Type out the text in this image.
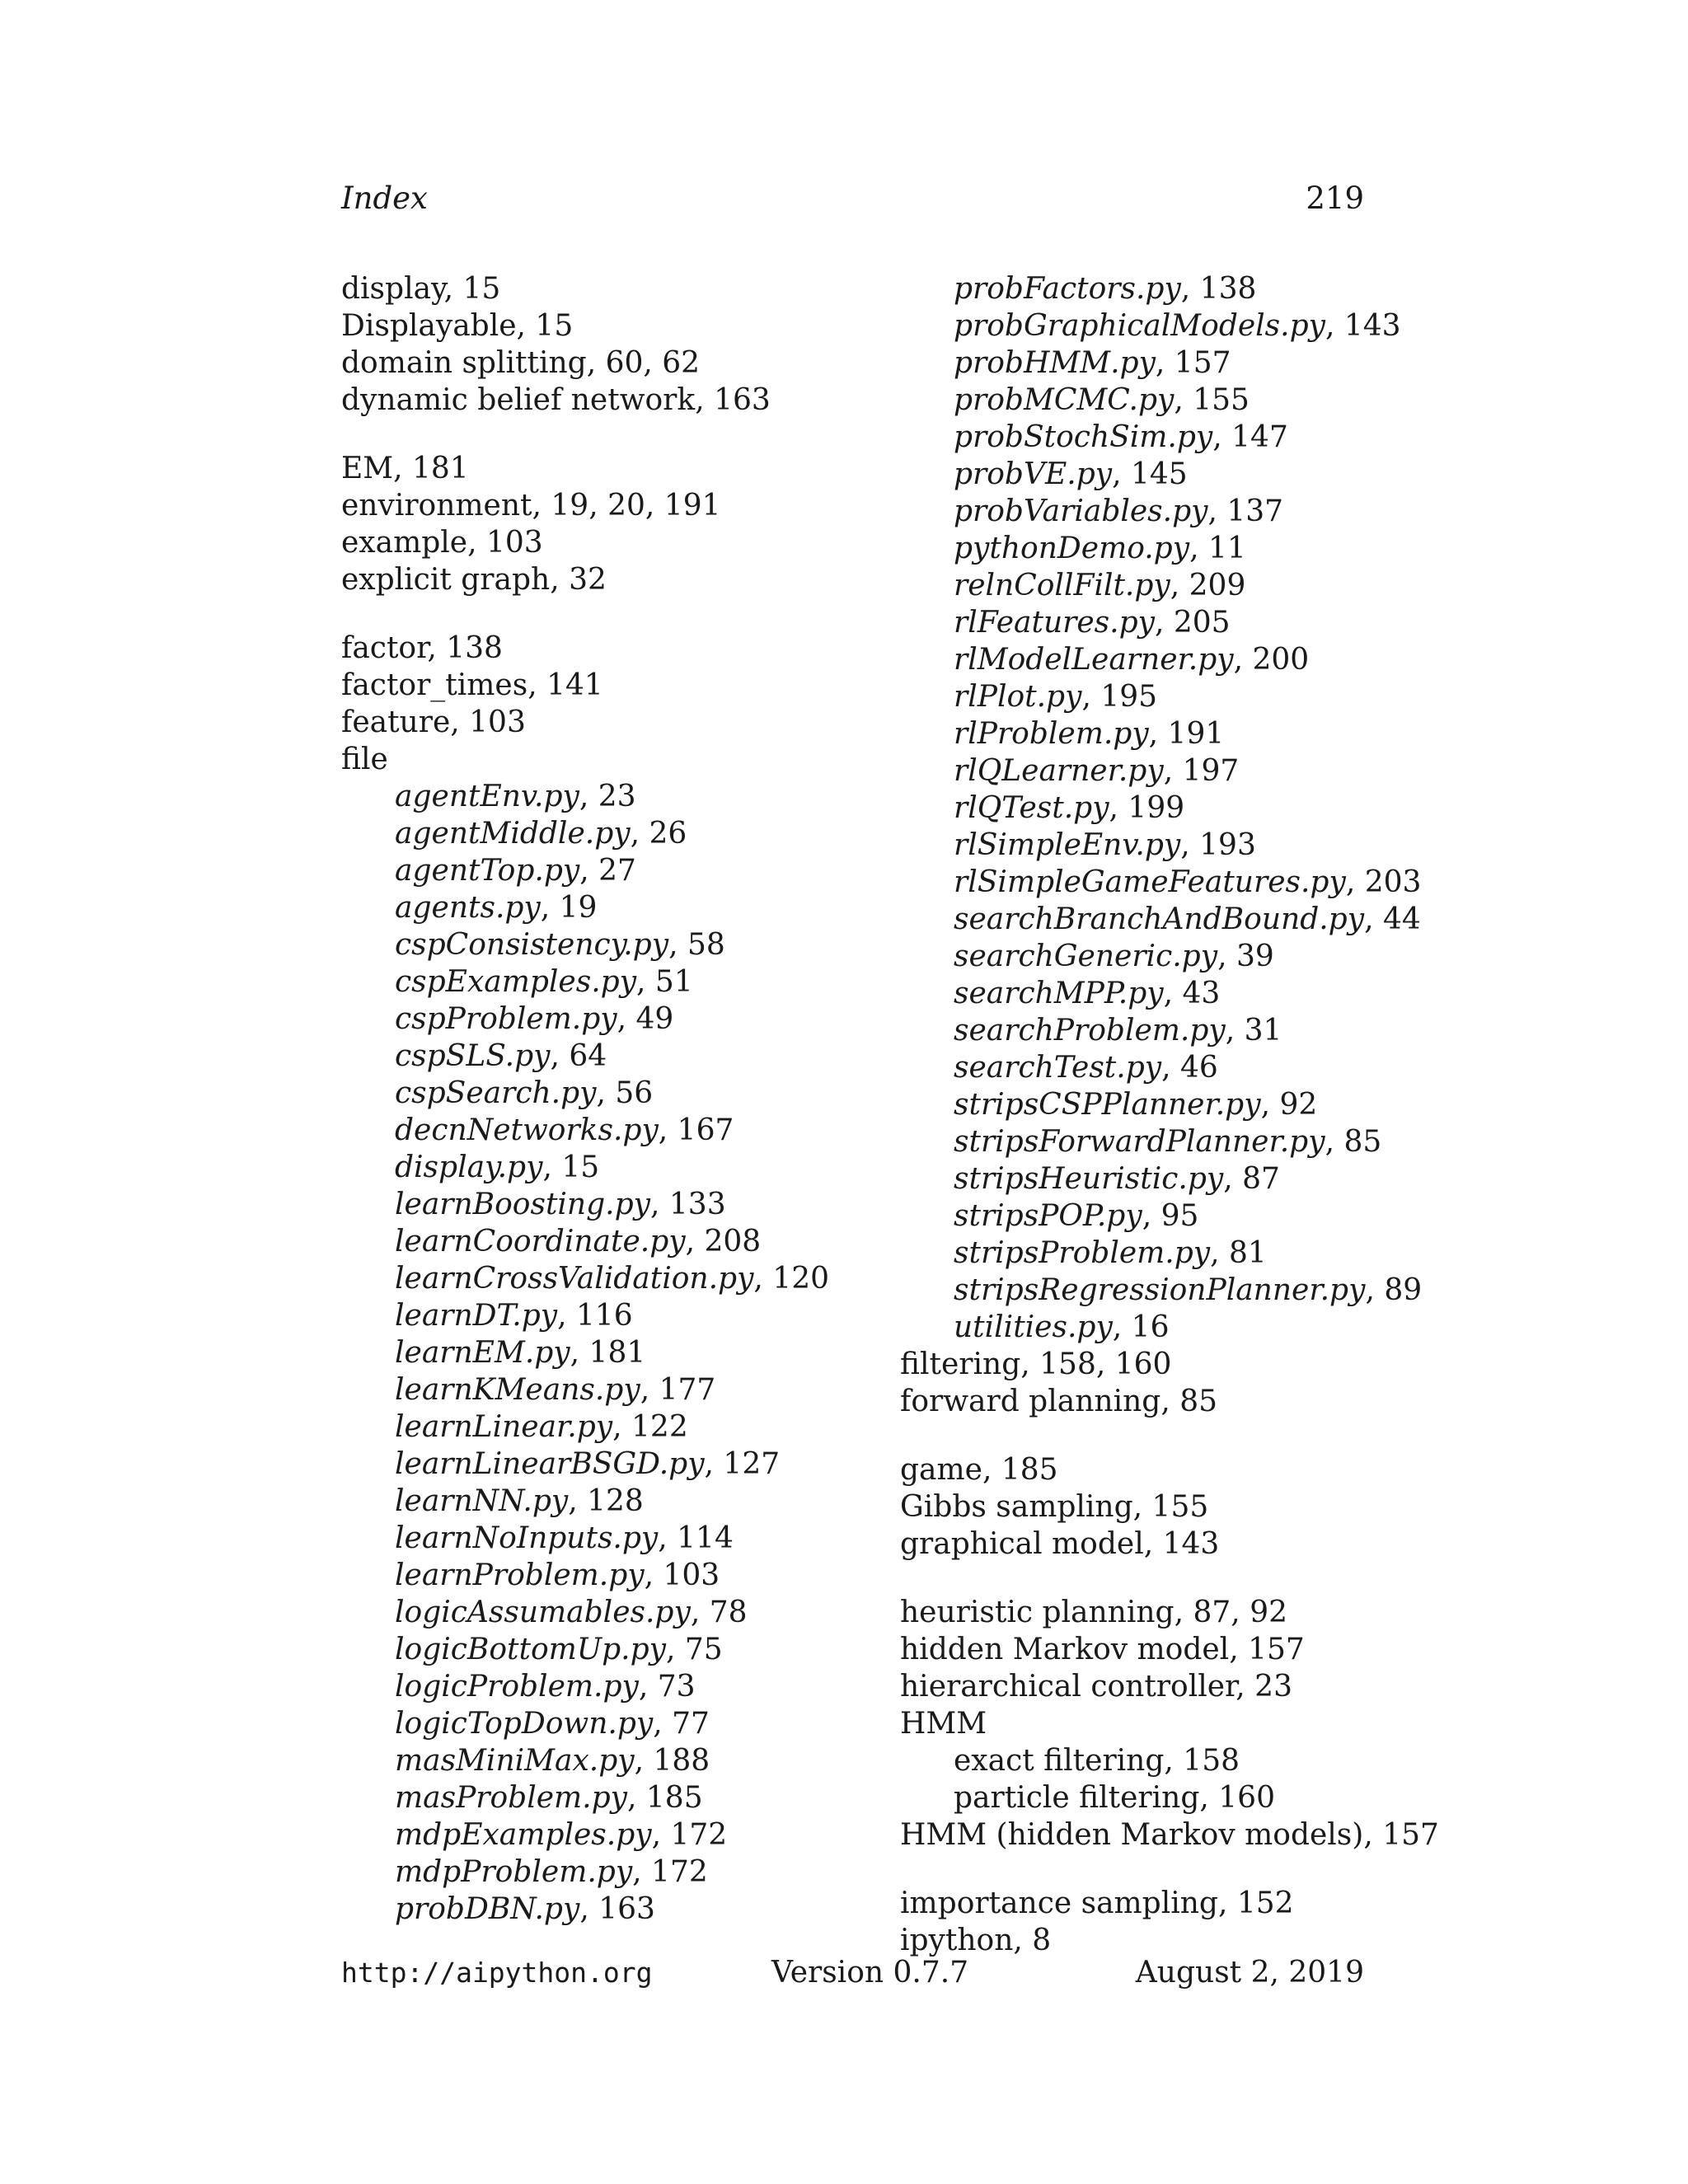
Index	219
display, 15
Displayable, 15
domain splitting, 60, 62
dynamic belief network, 163
EM, 181
environment, 19, 20, 191
example, 103
explicit graph, 32
factor, 138
factor_times, 141
feature, 103
file
agentEnv.py, 23
agentMiddle.py, 26
agentTop.py, 27
agents.py, 19
cspConsistency.py, 58
cspExamples.py, 51
cspProblem.py, 49
cspSLS.py, 64
cspSearch.py, 56
decnNetworks.py, 167
display.py, 15
learnBoosting.py, 133
learnCoordinate.py, 208
learnCrossValidation.py, 120
learnDT.py, 116
learnEM.py, 181
learnKMeans.py, 177
learnLinear.py, 122
learnLinearBSGD.py, 127
learnNN.py, 128
learnNoInputs.py, 114
learnProblem.py, 103
logicAssumables.py, 78
logicBottomUp.py, 75
logicProblem.py, 73
logicTopDown.py, 77
masMiniMax.py, 188
masProblem.py, 185
mdpExamples.py, 172
mdpProblem.py, 172
probDBN.py, 163
probFactors.py, 138
probGraphicalModels.py, 143
probHMM.py, 157
probMCMC.py, 155
probStochSim.py, 147
probVE.py, 145
probVariables.py, 137
pythonDemo.py, 11
relnCollFilt.py, 209
rlFeatures.py, 205
rlModelLearner.py, 200
rlPlot.py, 195
rlProblem.py, 191
rlQLearner.py, 197
rlQTest.py, 199
rlSimpleEnv.py, 193
rlSimpleGameFeatures.py, 203
searchBranchAndBound.py, 44
searchGeneric.py, 39
searchMPP.py, 43
searchProblem.py, 31
searchTest.py, 46
stripsCSPPlanner.py, 92
stripsForwardPlanner.py, 85
stripsHeuristic.py, 87
stripsPOP.py, 95
stripsProblem.py, 81
stripsRegressionPlanner.py, 89
utilities.py, 16
filtering, 158, 160
forward planning, 85
game, 185
Gibbs sampling, 155
graphical model, 143
heuristic planning, 87, 92
hidden Markov model, 157
hierarchical controller, 23
HMM
exact filtering, 158
particle filtering, 160
HMM (hidden Markov models), 157
importance sampling, 152
ipython, 8
http://aipython.org	Version 0.7.7	August 2, 2019
